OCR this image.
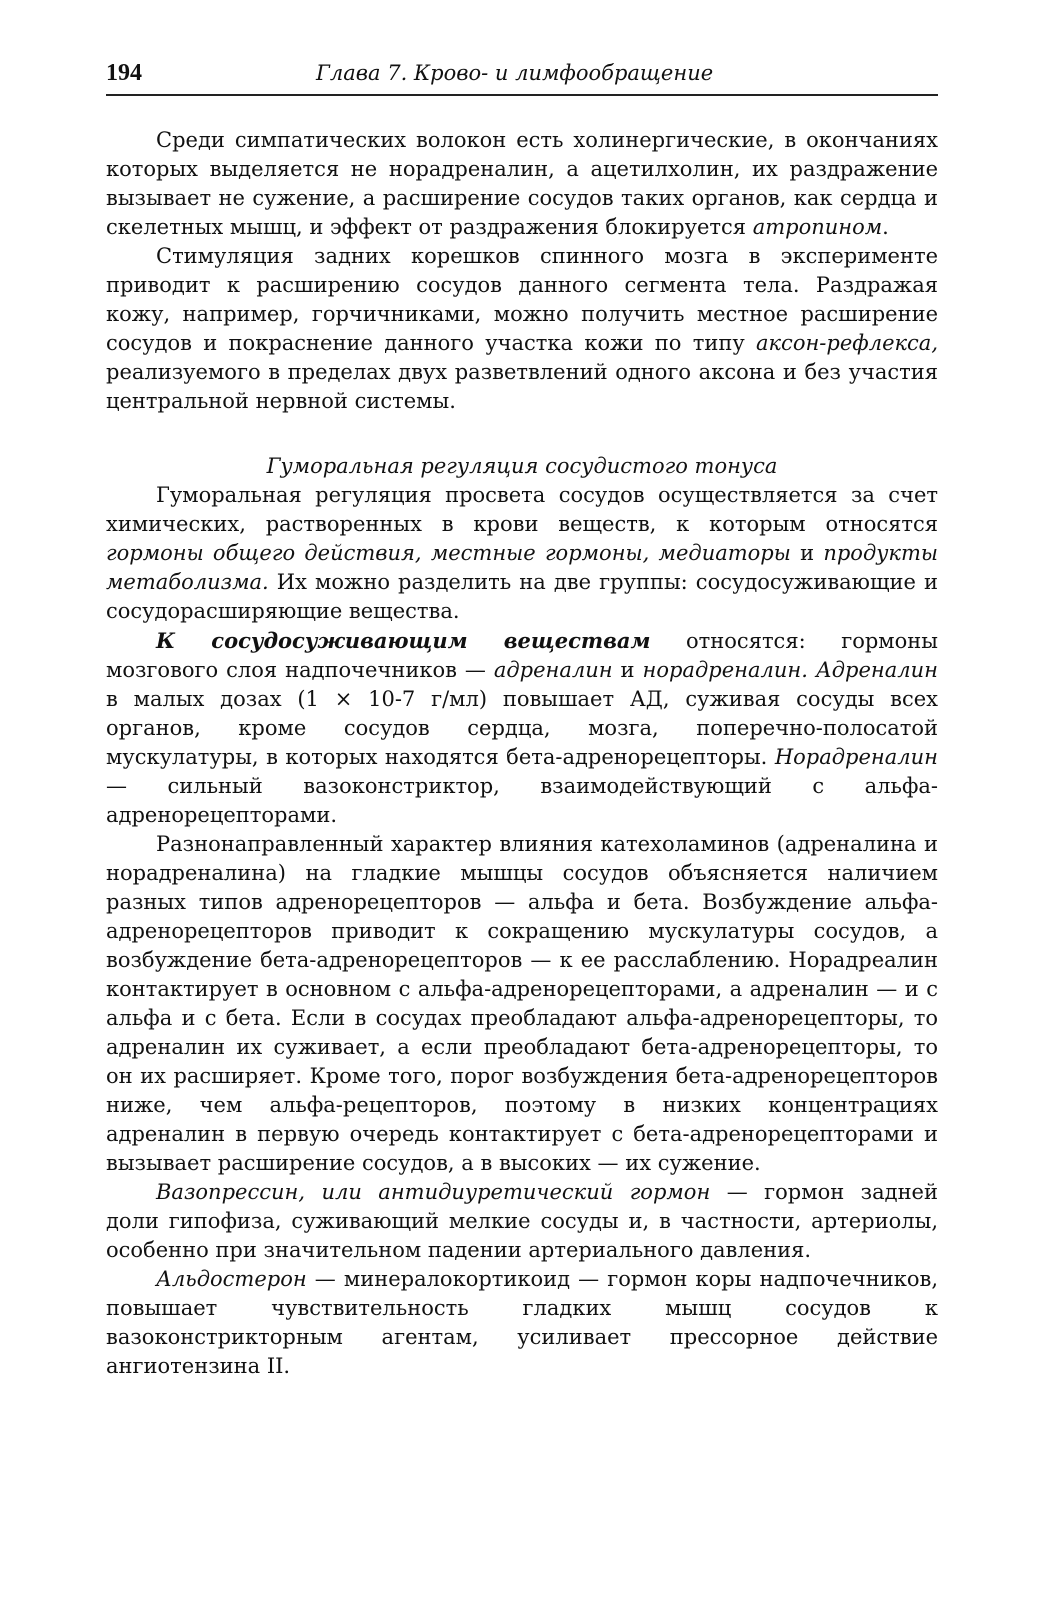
194	Глава 7. Крово- и лимфообращение

Среди симпатических волокон есть холинергические, в окончаниях которых выделяется не норадреналин, а ацетилхолин, их раздражение вызывает не сужение, а расширение сосудов таких органов, как сердца и скелетных мышц, и эффект от раздражения блокируется атропином.

Стимуляция задних корешков спинного мозга в эксперименте приводит к расширению сосудов данного сегмента тела. Раздражая кожу, например, горчичниками, можно получить местное расширение сосудов и покраснение данного участка кожи по типу аксон-рефлекса, реализуемого в пределах двух разветвлений одного аксона и без участия центральной нервной системы.

Гуморальная регуляция сосудистого тонуса

Гуморальная регуляция просвета сосудов осуществляется за счет химических, растворенных в крови веществ, к которым относятся гормоны общего действия, местные гормоны, медиаторы и продукты метаболизма. Их можно разделить на две группы: сосудосуживающие и сосудорасширяющие вещества.

К сосудосуживающим веществам относятся: гормоны мозгового слоя надпочечников — адреналин и норадреналин. Адреналин в малых дозах (1 × 10-7 г/мл) повышает АД, суживая сосуды всех органов, кроме сосудов сердца, мозга, поперечно-полосатой мускулатуры, в которых находятся бета-адренорецепторы. Норадреналин — сильный вазоконстриктор, взаимодействующий с альфа-адренорецепторами.

Разнонаправленный характер влияния катехоламинов (адреналина и норадреналина) на гладкие мышцы сосудов объясняется наличием разных типов адренорецепторов — альфа и бета. Возбуждение альфа-адренорецепторов приводит к сокращению мускулатуры сосудов, а возбуждение бета-адренорецепторов — к ее расслаблению. Норадреалин контактирует в основном с альфа-адренорецепторами, а адреналин — и с альфа и с бета. Если в сосудах преобладают альфа-адренорецепторы, то адреналин их суживает, а если преобладают бета-адренорецепторы, то он их расширяет. Кроме того, порог возбуждения бета-адренорецепторов ниже, чем альфа-рецепторов, поэтому в низких концентрациях адреналин в первую очередь контактирует с бета-адренорецепторами и вызывает расширение сосудов, а в высоких — их сужение.

Вазопрессин, или антидиуретический гормон — гормон задней доли гипофиза, суживающий мелкие сосуды и, в частности, артериолы, особенно при значительном падении артериального давления.

Альдостерон — минералокортикоид — гормон коры надпочечников, повышает чувствительность гладких мышц сосудов к вазоконстрикторным агентам, усиливает прессорное действие ангиотензина II.
